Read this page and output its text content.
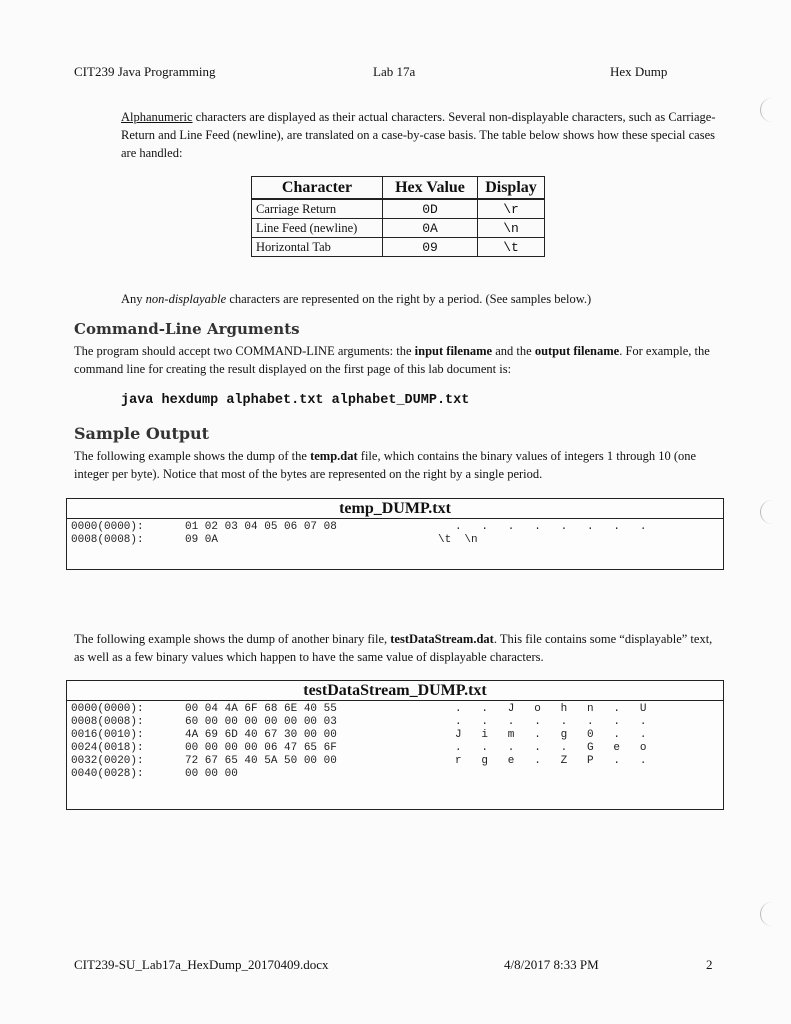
CIT239 Java Programming	Lab 17a	Hex Dump

Alphanumeric characters are displayed as their actual characters. Several non-displayable characters, such as Carriage-Return and Line Feed (newline), are translated on a case-by-case basis. The table below shows how these special cases are handled:

Character	Hex Value	Display
Carriage Return	0D	\r
Line Feed (newline)	0A	\n
Horizontal Tab	09	\t

Any non-displayable characters are represented on the right by a period. (See samples below.)

Command-Line Arguments

The program should accept two COMMAND-LINE arguments: the input filename and the output filename. For example, the command line for creating the result displayed on the first page of this lab document is:

java hexdump alphabet.txt alphabet_DUMP.txt
Sample Output

The following example shows the dump of the temp.dat file, which contains the binary values of integers 1 through 10 (one integer per byte). Notice that most of the bytes are represented on the right by a single period.

temp_DUMP.txt
0000(0000):	01 02 03 04 05 06 07 08	.   .   .   .   .   .   .   .
0008(0008):	09 0A	\t  \n

The following example shows the dump of another binary file, testDataStream.dat. This file contains some “displayable” text, as well as a few binary values which happen to have the same value of displayable characters.

testDataStream_DUMP.txt
0000(0000):	00 04 4A 6F 68 6E 40 55	.   .   J   o   h   n   .   U
0008(0008):	60 00 00 00 00 00 00 03	.   .   .   .   .   .   .   .
0016(0010):	4A 69 6D 40 67 30 00 00	J   i   m   .   g   0   .   .
0024(0018):	00 00 00 00 06 47 65 6F	.   .   .   .   .   G   e   o
0032(0020):	72 67 65 40 5A 50 00 00	r   g   e   .   Z   P   .   .
0040(0028):	00 00 00
CIT239-SU_Lab17a_HexDump_20170409.docx	4/8/2017 8:33 PM	2
